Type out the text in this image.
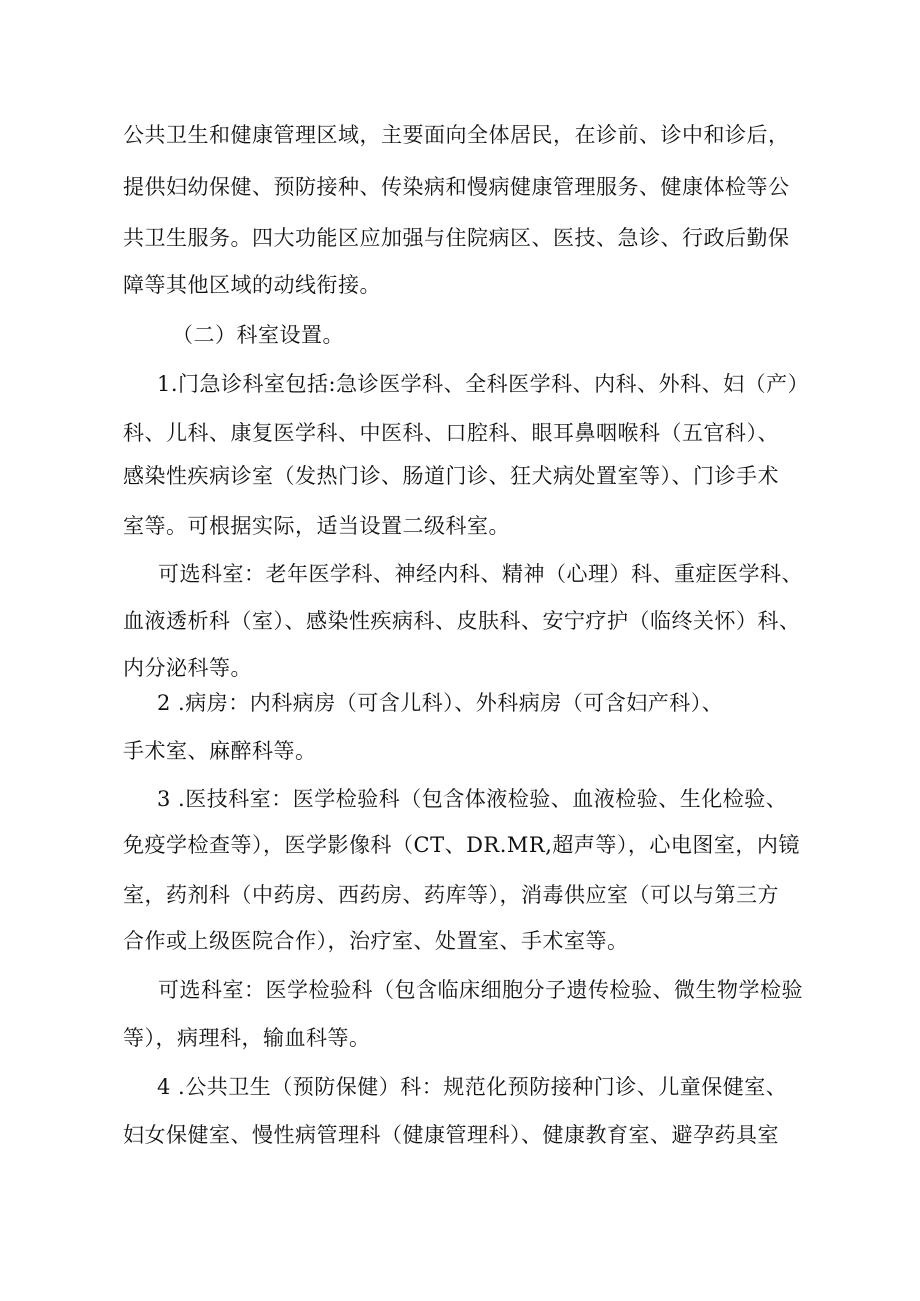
公共卫生和健康管理区域，主要面向全体居民，在诊前、诊中和诊后，
提供妇幼保健、预防接种、传染病和慢病健康管理服务、健康体检等公
共卫生服务。四大功能区应加强与住院病区、医技、急诊、行政后勤保
障等其他区域的动线衔接。
（二）科室设置。
1.门急诊科室包括:急诊医学科、全科医学科、内科、外科、妇（产）
科、儿科、康复医学科、中医科、口腔科、眼耳鼻咽喉科（五官科）、
感染性疾病诊室（发热门诊、肠道门诊、狂犬病处置室等）、门诊手术
室等。可根据实际，适当设置二级科室。
可选科室：老年医学科、神经内科、精神（心理）科、重症医学科、
血液透析科（室）、感染性疾病科、皮肤科、安宁疗护（临终关怀）科、
内分泌科等。
2 .病房：内科病房（可含儿科）、外科病房（可含妇产科）、
手术室、麻醉科等。
3 .医技科室：医学检验科（包含体液检验、血液检验、生化检验、
免疫学检查等），医学影像科（CT、DR.MR,超声等），心电图室，内镜
室，药剂科（中药房、西药房、药库等），消毒供应室（可以与第三方
合作或上级医院合作），治疗室、处置室、手术室等。
可选科室：医学检验科（包含临床细胞分子遗传检验、微生物学检验
等），病理科，输血科等。
4 .公共卫生（预防保健）科：规范化预防接种门诊、儿童保健室、
妇女保健室、慢性病管理科（健康管理科）、健康教育室、避孕药具室
